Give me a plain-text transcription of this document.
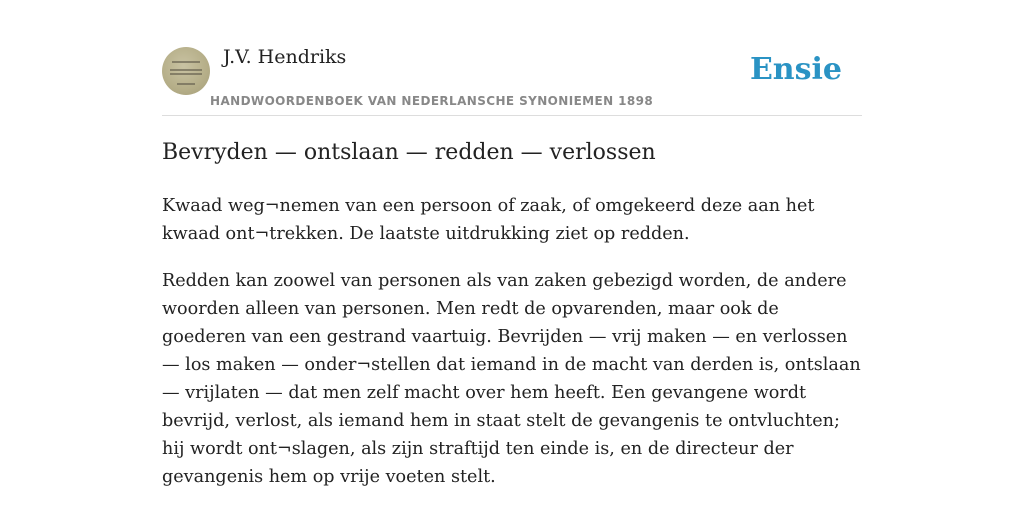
J.V. Hendriks
HANDWOORDENBOEK VAN NEDERLANSCHE SYNONIEMEN 1898
Ensie
Bevryden — ontslaan — redden — verlossen

Kwaad weg¬nemen van een persoon of zaak, of omgekeerd deze aan het kwaad ont¬trekken. De laatste uitdrukking ziet op redden.

Redden kan zoowel van personen als van zaken gebezigd worden, de andere woorden alleen van personen. Men redt de opvarenden, maar ook de goederen van een gestrand vaartuig. Bevrijden — vrij maken — en verlossen — los maken — onder¬stellen dat iemand in de macht van derden is, ontslaan — vrijlaten — dat men zelf macht over hem heeft. Een gevangene wordt bevrijd, verlost, als iemand hem in staat stelt de gevangenis te ontvluchten; hij wordt ont¬slagen, als zijn straftijd ten einde is, en de directeur der gevangenis hem op vrije voeten stelt.
